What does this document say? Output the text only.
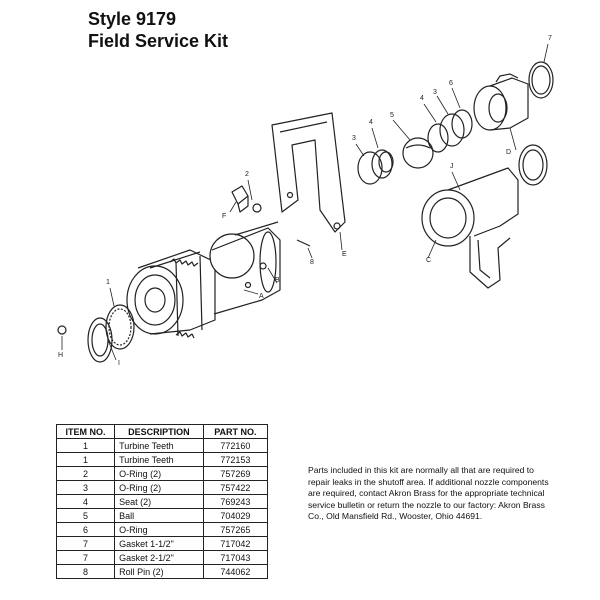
Style 9179
Field Service Kit
1
7
2
3
3
4
4
5
6
8
A
B
C
D
E
F
H
I
J
ITEM NO.	DESCRIPTION	PART NO.
1	Turbine Teeth	772160
1	Turbine Teeth	772153
2	O-Ring (2)	757269
3	O-Ring (2)	757422
4	Seat (2)	769243
5	Ball	704029
6	O-Ring	757265
7	Gasket 1-1/2"	717042
7	Gasket 2-1/2"	717043
8	Roll Pin (2)	744062
Parts included in this kit are normally all that are required to repair leaks in the shutoff area. If additional nozzle components are required, contact Akron Brass for the appropriate technical service bulletin or return the nozzle to our factory: Akron Brass Co., Old Mansfield Rd., Wooster, Ohio 44691.
